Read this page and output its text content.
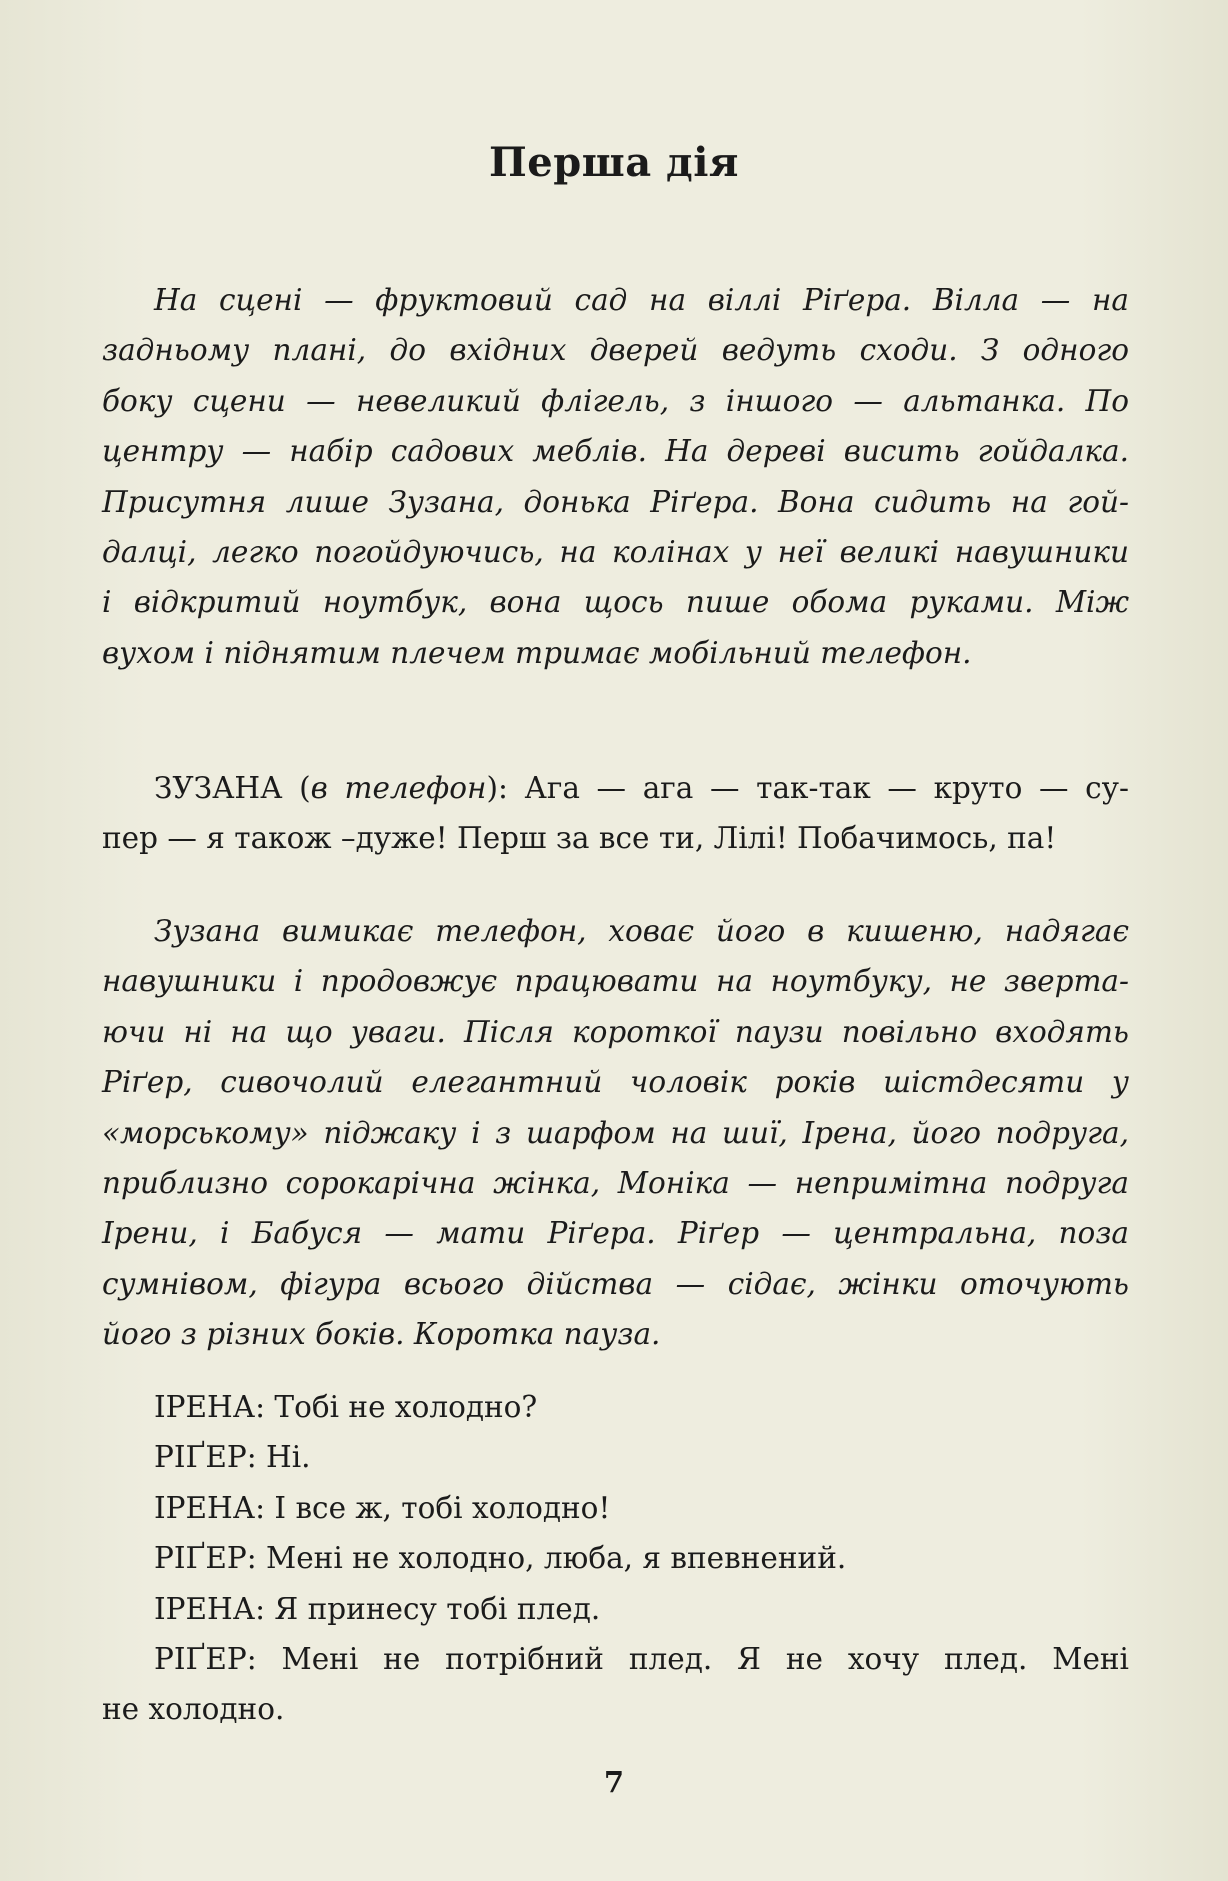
Перша дія
На сцені — фруктовий сад на віллі Ріґера. Вілла — на
задньому плані, до вхідних дверей ведуть сходи. З одного
боку сцени — невеликий флігель, з іншого — альтанка. По
центру — набір садових меблів. На дереві висить гойдалка.
Присутня лише Зузана, донька Ріґера. Вона сидить на гой-
далці, легко погойдуючись, на колінах у неї великі навушники
і відкритий ноутбук, вона щось пише обома руками. Між
вухом і піднятим плечем тримає мобільний телефон.
ЗУЗАНА (в телефон): Ага — ага — так-так — круто — су-
пер — я також –дуже! Перш за все ти, Лілі! Побачимось, па!
Зузана вимикає телефон, ховає його в кишеню, надягає
навушники і продовжує працювати на ноутбуку, не зверта-
ючи ні на що уваги. Після короткої паузи повільно входять
Ріґер, сивочолий елегантний чоловік років шістдесяти у
«морському» піджаку і з шарфом на шиї, Ірена, його подруга,
приблизно сорокарічна жінка, Моніка — непримітна подруга
Ірени, і Бабуся — мати Ріґера. Ріґер — центральна, поза
сумнівом, фігура всього дійства — сідає, жінки оточують
його з різних боків. Коротка пауза.
ІРЕНА: Тобі не холодно?
РІҐЕР: Ні.
ІРЕНА: І все ж, тобі холодно!
РІҐЕР: Мені не холодно, люба, я впевнений.
ІРЕНА: Я принесу тобі плед.
РІҐЕР: Мені не потрібний плед. Я не хочу плед. Мені
не холодно.
7
